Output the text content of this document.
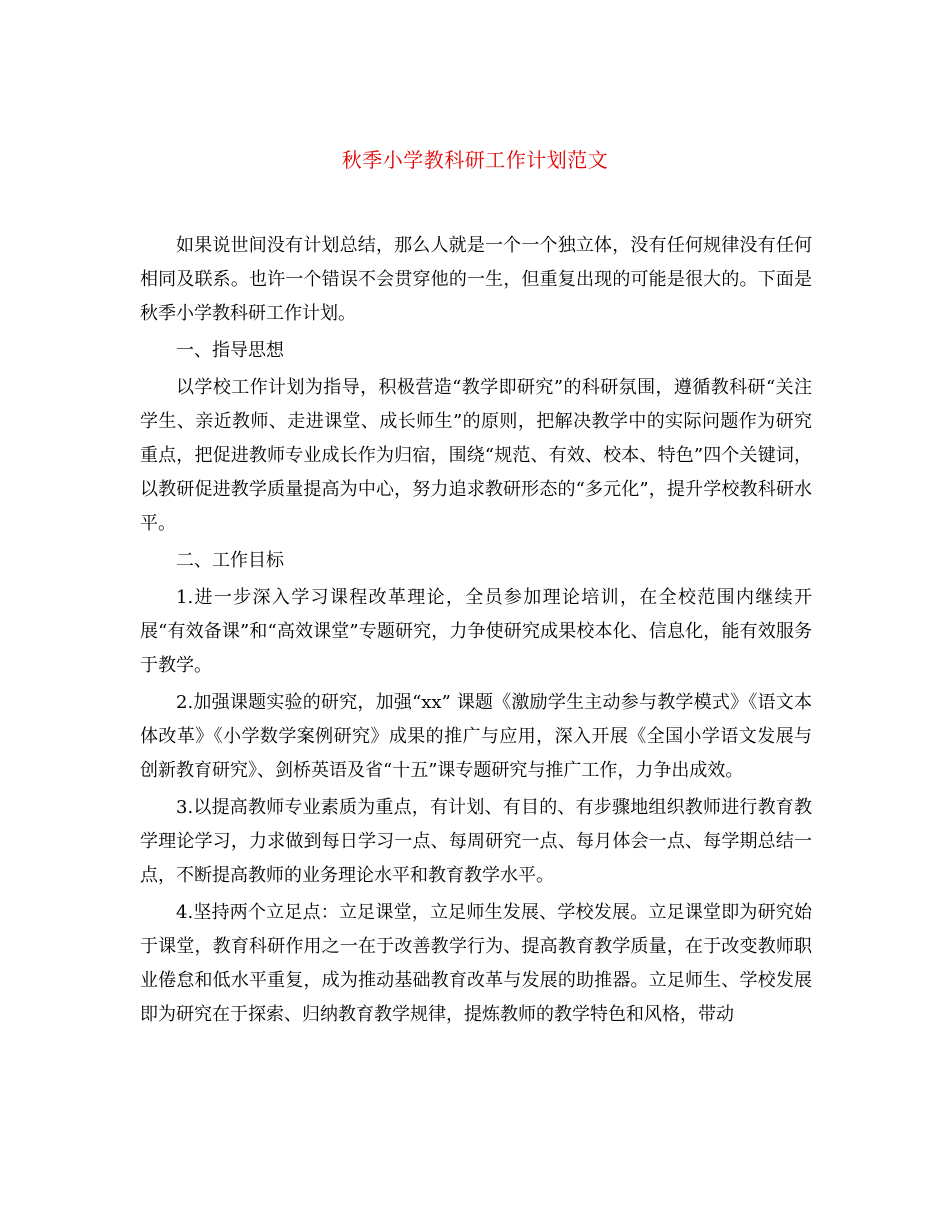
秋季小学教科研工作计划范文

如果说世间没有计划总结，那么人就是一个一个独立体，没有任何规律没有任何相同及联系。也许一个错误不会贯穿他的一生，但重复出现的可能是很大的。下面是秋季小学教科研工作计划。

一、指导思想

以学校工作计划为指导，积极营造“教学即研究”的科研氛围，遵循教科研“关注学生、亲近教师、走进课堂、成长师生”的原则，把解决教学中的实际问题作为研究重点，把促进教师专业成长作为归宿，围绕“规范、有效、校本、特色”四个关键词，以教研促进教学质量提高为中心，努力追求教研形态的“多元化”，提升学校教科研水平。

二、工作目标

1.进一步深入学习课程改革理论，全员参加理论培训，在全校范围内继续开展“有效备课”和“高效课堂”专题研究，力争使研究成果校本化、信息化，能有效服务于教学。

2.加强课题实验的研究，加强“xx” 课题《激励学生主动参与教学模式》《语文本体改革》《小学数学案例研究》成果的推广与应用，深入开展《全国小学语文发展与创新教育研究》、剑桥英语及省“十五”课专题研究与推广工作，力争出成效。

3.以提高教师专业素质为重点，有计划、有目的、有步骤地组织教师进行教育教学理论学习，力求做到每日学习一点、每周研究一点、每月体会一点、每学期总结一点，不断提高教师的业务理论水平和教育教学水平。

4.坚持两个立足点：立足课堂，立足师生发展、学校发展。立足课堂即为研究始于课堂，教育科研作用之一在于改善教学行为、提高教育教学质量，在于改变教师职业倦怠和低水平重复，成为推动基础教育改革与发展的助推器。立足师生、学校发展即为研究在于探索、归纳教育教学规律，提炼教师的教学特色和风格，带动
